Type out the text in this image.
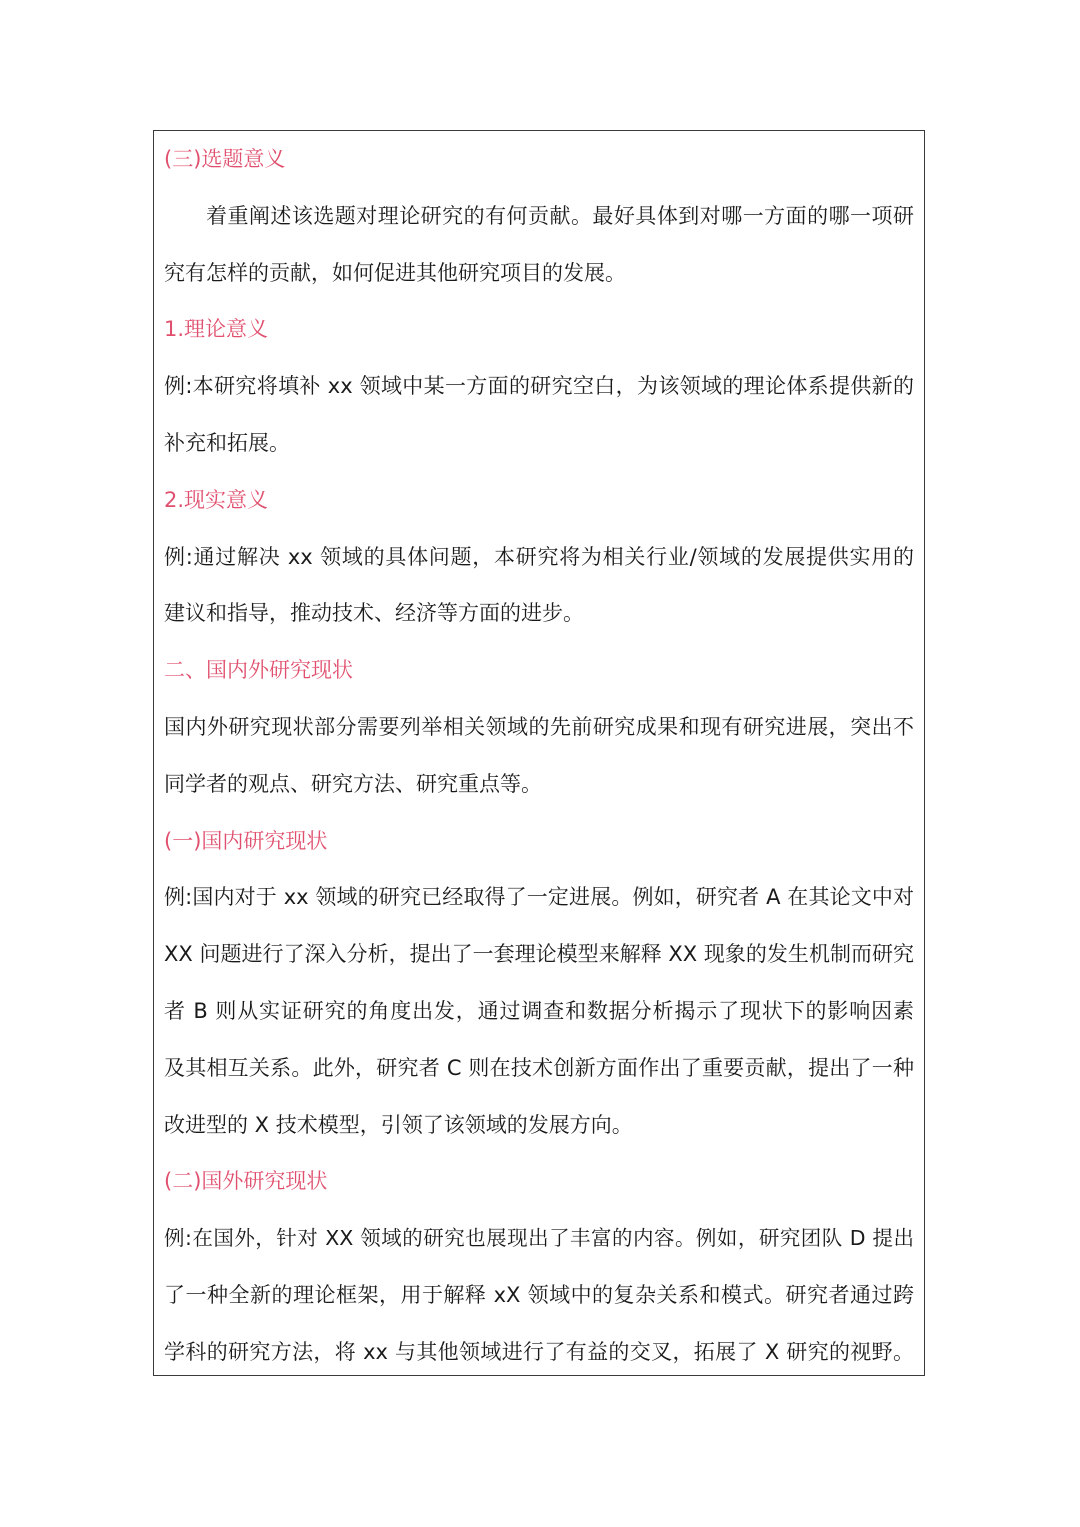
(三)选题意义
着重阐述该选题对理论研究的有何贡献。最好具体到对哪一方面的哪一项研
究有怎样的贡献，如何促进其他研究项目的发展。
1.理论意义
例:本研究将填补 xx 领域中某一方面的研究空白，为该领域的理论体系提供新的
补充和拓展。
2.现实意义
例:通过解决 xx 领域的具体问题，本研究将为相关行业/领域的发展提供实用的
建议和指导，推动技术、经济等方面的进步。
二、国内外研究现状
国内外研究现状部分需要列举相关领域的先前研究成果和现有研究进展，突出不
同学者的观点、研究方法、研究重点等。
(一)国内研究现状
例:国内对于 xx 领域的研究已经取得了一定进展。例如，研究者 A 在其论文中对
XX 问题进行了深入分析，提出了一套理论模型来解释 XX 现象的发生机制而研究
者 B 则从实证研究的角度出发，通过调查和数据分析揭示了现状下的影响因素
及其相互关系。此外，研究者 C 则在技术创新方面作出了重要贡献，提出了一种
改进型的 X 技术模型，引领了该领域的发展方向。
(二)国外研究现状
例:在国外，针对 XX 领域的研究也展现出了丰富的内容。例如，研究团队 D 提出
了一种全新的理论框架，用于解释 xX 领域中的复杂关系和模式。研究者通过跨
学科的研究方法，将 xx 与其他领域进行了有益的交叉，拓展了 X 研究的视野。
